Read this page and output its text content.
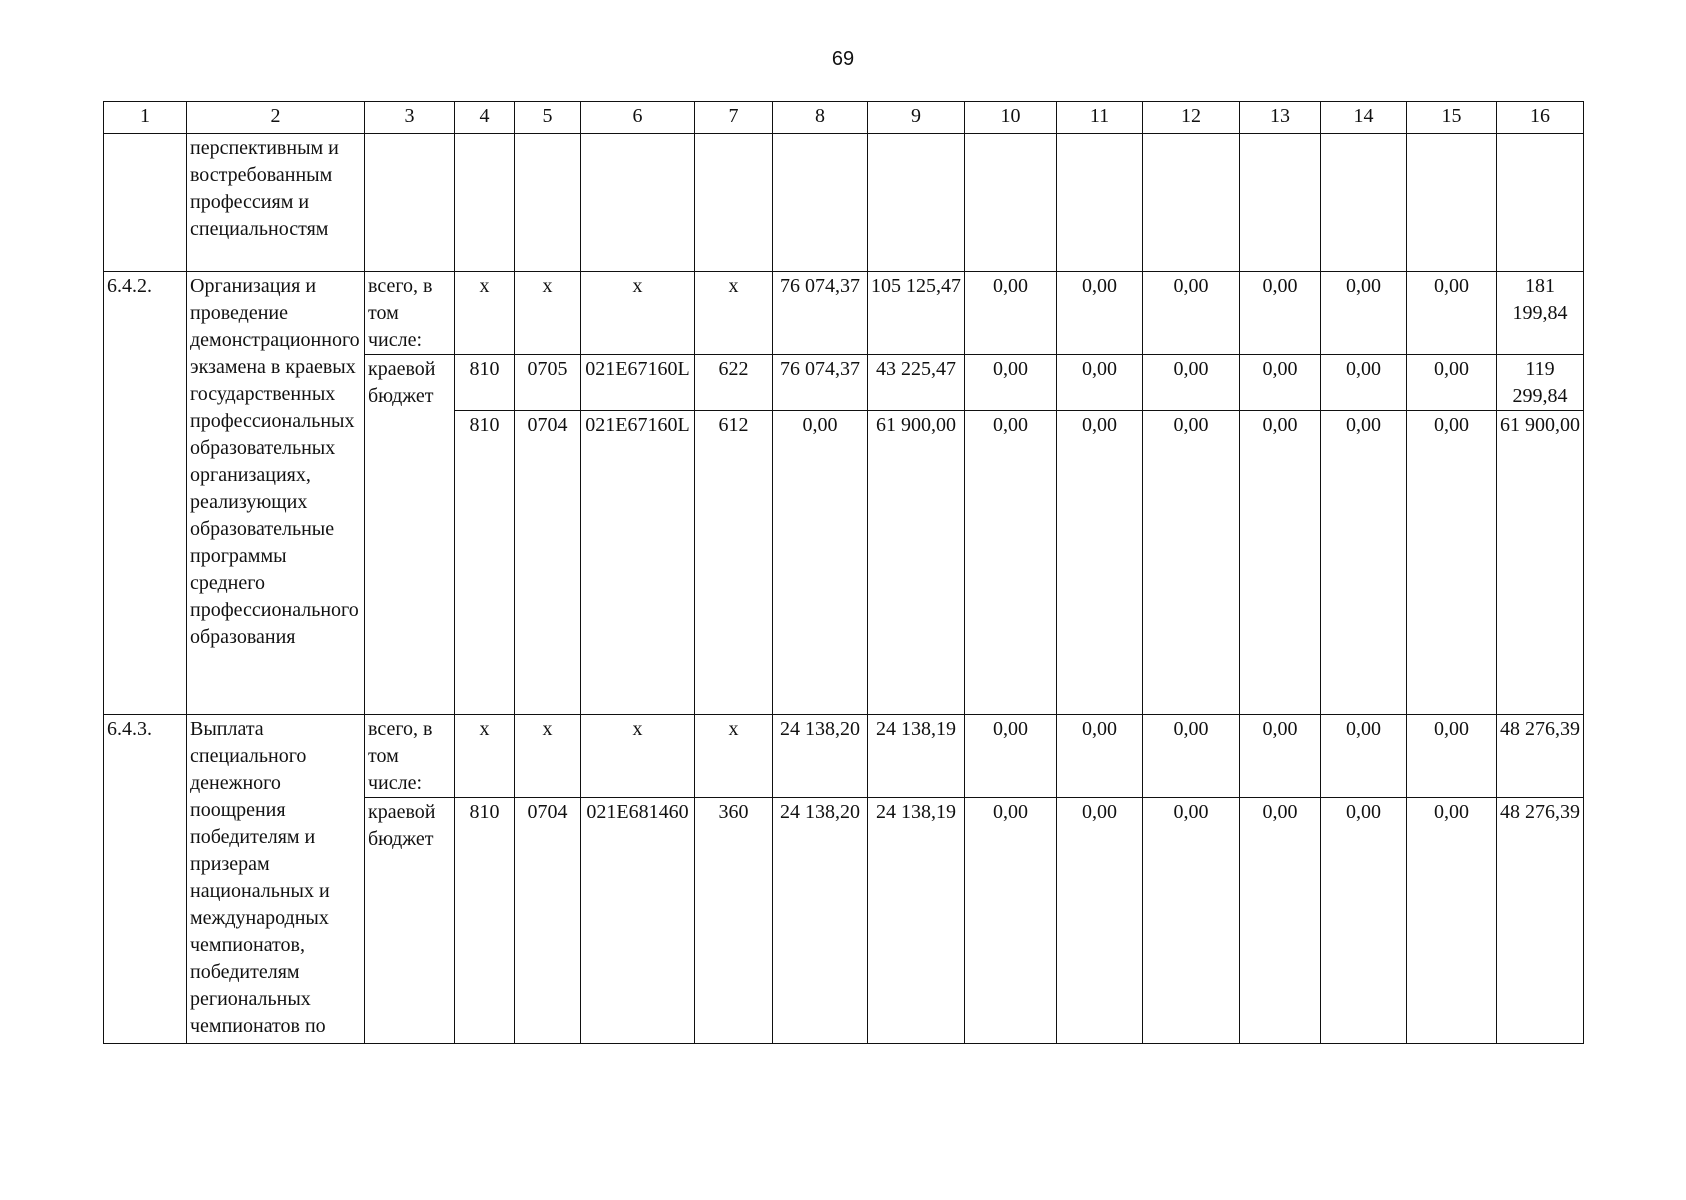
69
1	2	3	4	5	6	7	8	9	10	11	12	13	14	15	16
	перспективным и востребованным профессиям и специальностям														
6.4.2.	Организация и проведение демонстрационного экзамена в краевых государственных профессиональных образовательных организациях, реализующих образовательные программы среднего профессионального образования	всего, в том числе:	x	x	x	x	76 074,37	105 125,47	0,00	0,00	0,00	0,00	0,00	0,00	181 199,84
		краевой бюджет	810	0705	021E67160L	622	76 074,37	43 225,47	0,00	0,00	0,00	0,00	0,00	0,00	119 299,84
			810	0704	021E67160L	612	0,00	61 900,00	0,00	0,00	0,00	0,00	0,00	0,00	61 900,00
6.4.3.	Выплата специального денежного поощрения победителям и призерам национальных и международных чемпионатов, победителям региональных чемпионатов по	всего, в том числе:	x	x	x	x	24 138,20	24 138,19	0,00	0,00	0,00	0,00	0,00	0,00	48 276,39
		краевой бюджет	810	0704	021E681460	360	24 138,20	24 138,19	0,00	0,00	0,00	0,00	0,00	0,00	48 276,39
